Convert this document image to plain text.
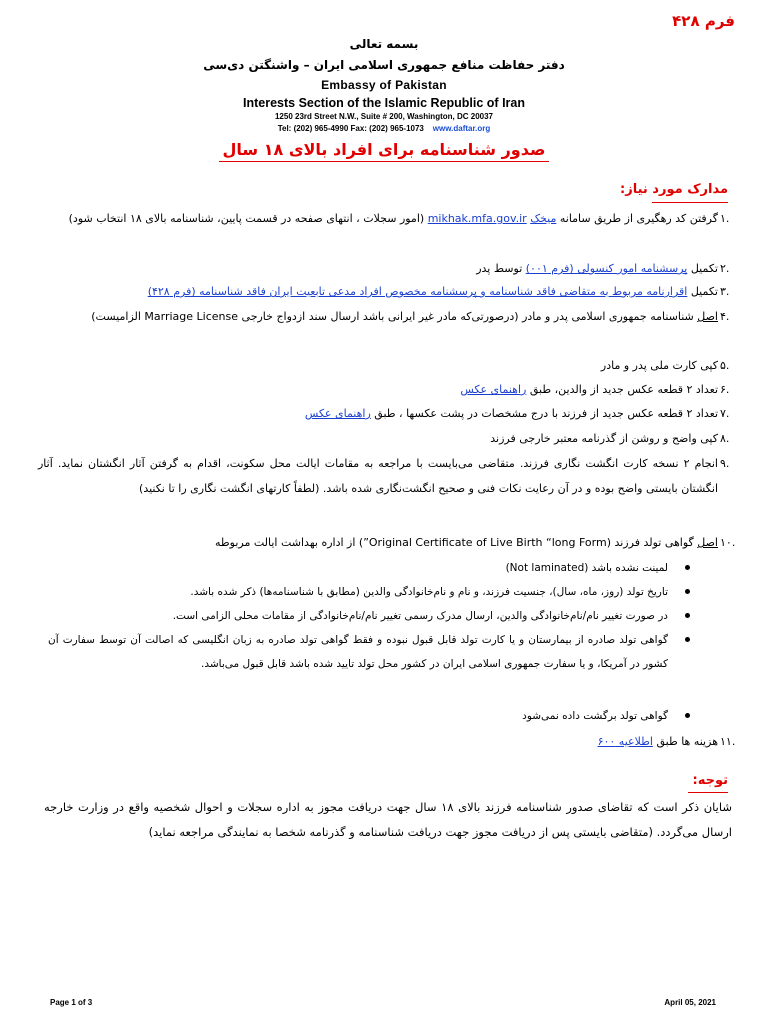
فرم ۴۲۸
بسمه تعالی
دفتر حفاظت منافع جمهوری اسلامی ایران – واشنگتن دی‌سی
Embassy of Pakistan
Interests Section of the Islamic Republic of Iran
1250 23rd Street N.W., Suite # 200, Washington, DC 20037
Tel: (202) 965-4990 Fax: (202) 965-1073 www.daftar.org
صدور شناسنامه برای افراد بالای ۱۸ سال
مدارک مورد نیاز:
۱.
گرفتن کد رهگیری از طریق سامانه میخک mikhak.mfa.gov.ir (امور سجلات ، انتهای صفحه در قسمت پایین، شناسنامه بالای ۱۸ انتخاب شود)
۲.
تکمیل پرسشنامه امور کنسولی (فرم ۰۰۱) توسط پدر
۳.
تکمیل اقرارنامه مربوط به متقاضی فاقد شناسنامه و پرسشنامه مخصوص افراد مدعی تابعیت ایران فاقد شناسنامه (فرم ۴۲۸)
۴.
اصل شناسنامه جمهوری اسلامی پدر و مادر (درصورتی‌که مادر غیر ایرانی باشد ارسال سند ازدواج خارجی Marriage License الزامیست)
۵.
کپی کارت ملی پدر و مادر
۶.
تعداد ۲ قطعه عکس جدید از والدین، طبق راهنمای عکس
۷.
تعداد ۲ قطعه عکس جدید از فرزند با درج مشخصات در پشت عکسها ، طبق راهنمای عکس
۸.
کپی واضح و روشن از گذرنامه معتبر خارجی فرزند
۹.
انجام ۲ نسخه کارت انگشت نگاری فرزند. متقاضی می‌بایست با مراجعه به مقامات ایالت محل سکونت، اقدام به گرفتن آثار انگشتان نماید. آثار انگشتان بایستی واضح بوده و در آن رعایت نکات فنی و صحیح انگشت‌نگاری شده باشد. (لطفاً کارتهای انگشت نگاری را تا نکنید)
۱۰.
اصل گواهی تولد فرزند (Original Certificate of Live Birth “long Form”) از اداره بهداشت ایالت مربوطه
لمینت نشده باشد (Not laminated)
تاریخ تولد (روز، ماه، سال)، جنسیت فرزند، و نام و نام‌خانوادگی والدین (مطابق با شناسنامه‌ها) ذکر شده باشد.
در صورت تغییر نام/نام‌خانوادگی والدین، ارسال مدرک رسمی تغییر نام/نام‌خانوادگی از مقامات محلی الزامی است.
گواهی تولد صادره از بیمارستان و یا کارت تولد قابل قبول نبوده و فقط گواهی تولد صادره به زبان انگلیسی که اصالت آن توسط سفارت آن کشور در آمریکا، و یا سفارت جمهوری اسلامی ایران در کشور محل تولد تایید شده باشد قابل قبول می‌باشد.
گواهی تولد برگشت داده نمی‌شود
۱۱.
هزینه ها طبق اطلاعیه ۶۰۰
توجه:
شایان ذکر است که تقاضای صدور شناسنامه فرزند بالای ۱۸ سال جهت دریافت مجوز به اداره سجلات و احوال شخصیه واقع در وزارت خارجه ارسال می‌گردد. (متقاضی بایستی پس از دریافت مجوز جهت دریافت شناسنامه و گذرنامه شخصا به نمایندگی مراجعه نماید)
Page 1 of 3	April 05, 2021
